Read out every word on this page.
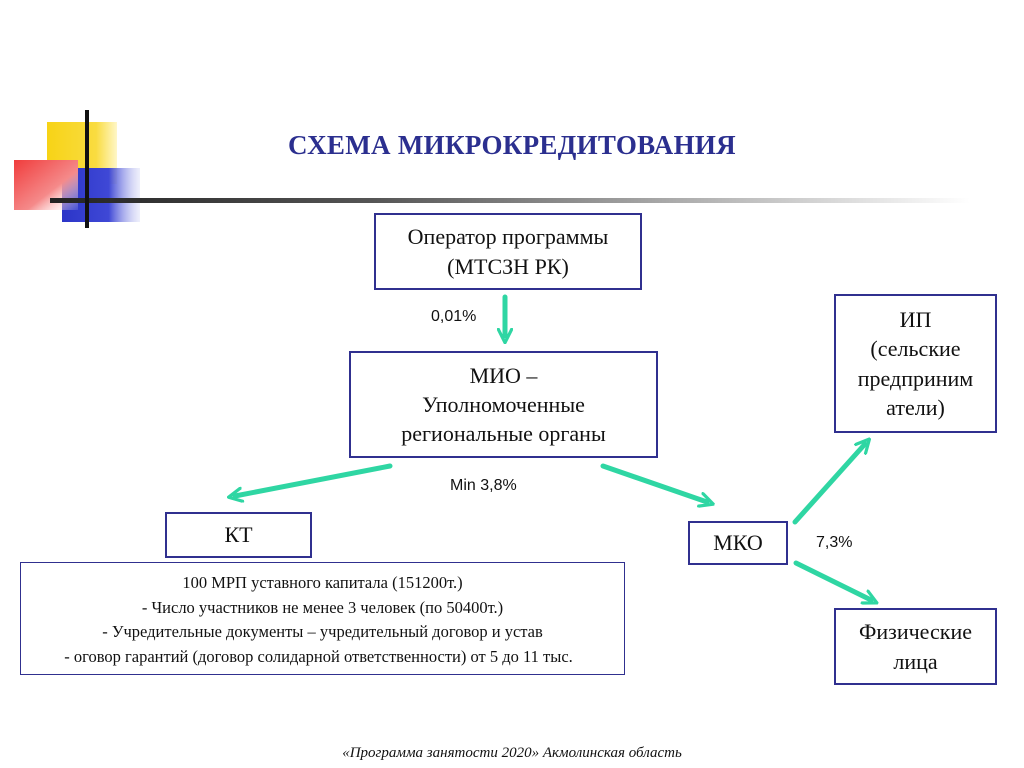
СХЕМА МИКРОКРЕДИТОВАНИЯ
Оператор программы
(МТСЗН РК)
0,01%
МИО –
Уполномоченные
региональные органы
Min 3,8%
КТ
100 МРП уставного капитала (151200т.)
- Число участников не менее 3 человек (по 50400т.)
- Учредительные документы – учредительный договор и устав
- оговор гарантий (договор солидарной ответственности) от 5 до 11 тыс.
МКО	7,3%
ИП
(сельские
предприним
атели)
Физические
лица
«Программа занятости 2020» Акмолинская область
